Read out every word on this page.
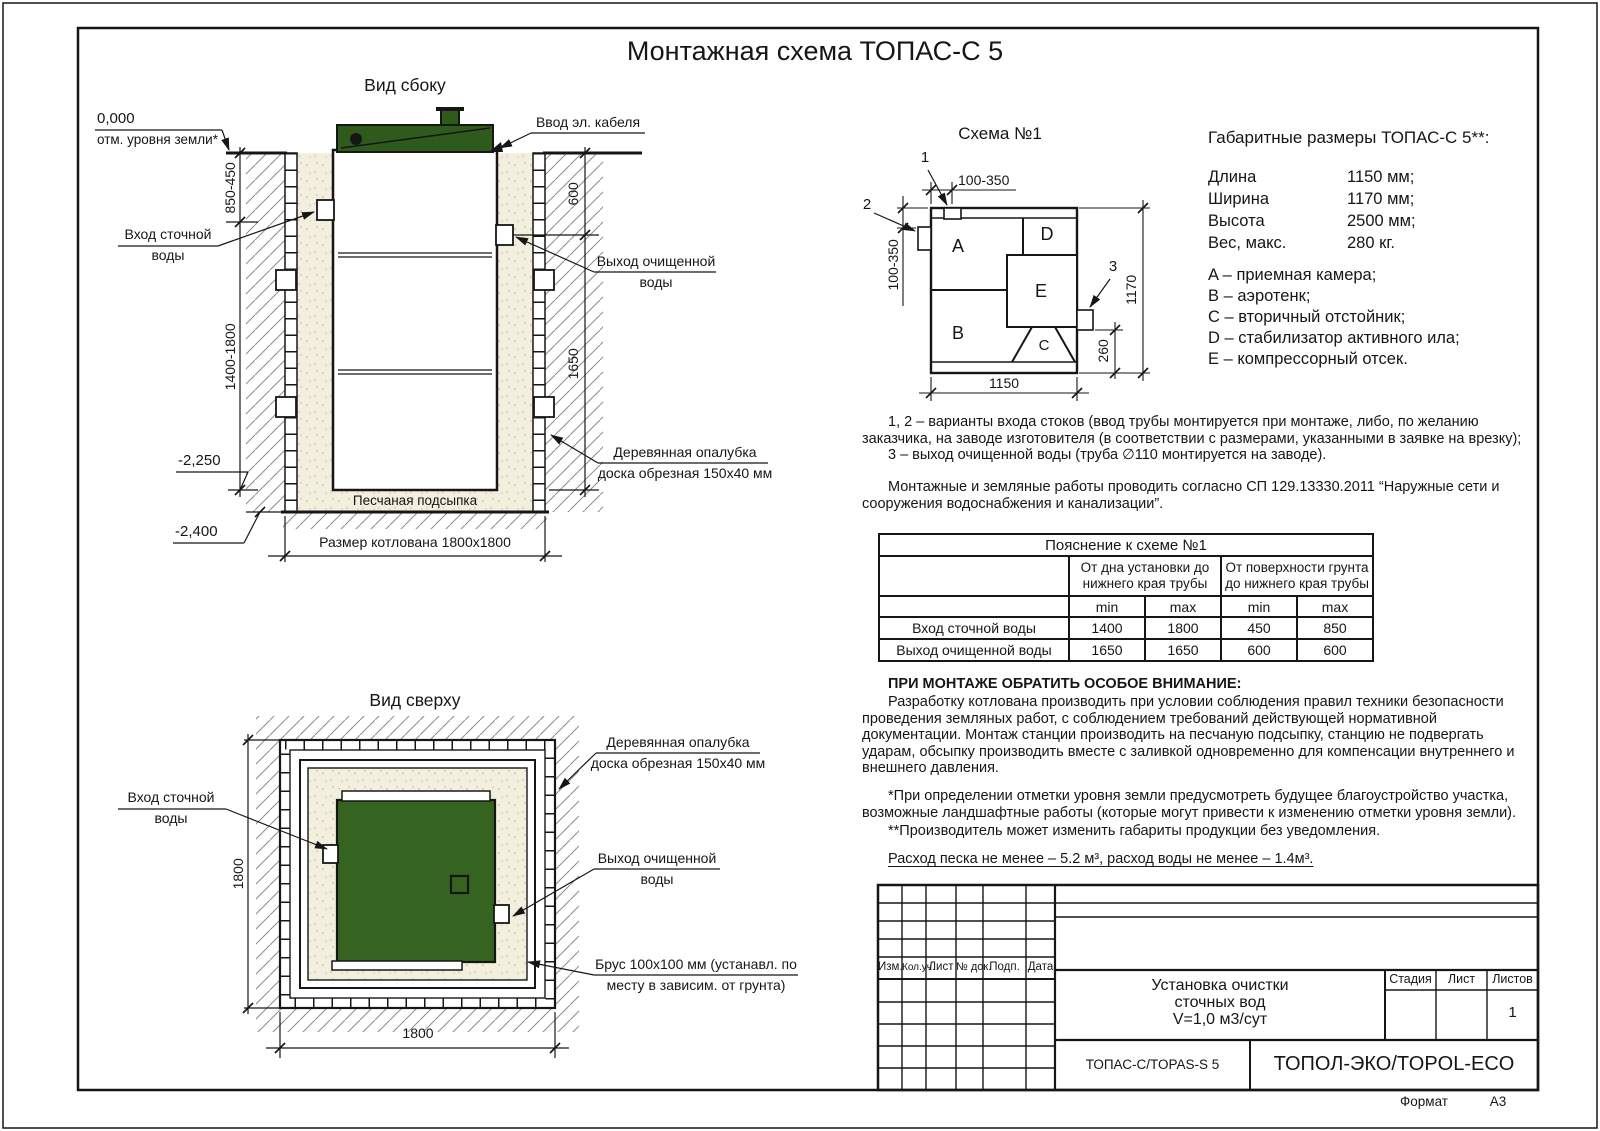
Монтажная схема ТОПАС-С 5
Вид сбоку
0,000
отм. уровня земли*
Ввод эл. кабеля
Вход сточной
воды	Выход очищенной
воды
850-450
1400-1800
600
1650
-2,250
-2,400
Песчаная подсыпка
Размер котлована 1800x1800
Деревянная опалубка
доска обрезная 150x40 мм
Вид сверху
Вход сточной
воды
Выход очищенной
воды
Деревянная опалубка
доска обрезная 150x40 мм
Брус 100x100 мм (устанавл. по
месту в зависим. от грунта)
1800
1800
Схема №1
1
2
3
100-350
100-350	1170
260
1150
A
B
C
D
E
Габаритные размеры ТОПАС-С 5**:
Длина	1150 мм;
Ширина	1170 мм;
Высота	2500 мм;
Вес, макс.	280 кг.
A – приемная камера;
B – аэротенк;
C – вторичный отстойник;
D – стабилизатор активного ила;
E – компрессорный отсек.

1, 2 – варианты входа стоков (ввод трубы монтируется при монтаже, либо, по желанию заказчика, на заводе изготовителя (в соответствии с размерами, указанными в заявке на врезку);

3 – выход очищенной воды (труба ∅110 монтируется на заводе).

Монтажные и земляные работы проводить согласно СП 129.13330.2011 “Наружные сети и сооружения водоснабжения и канализации”.

Пояснение к схеме №1				
	От дна установки до нижнего края трубы		От поверхности грунта до нижнего края трубы	
	min	max	min	max
Вход сточной воды	1400	1800	450	850
Выход очищенной воды	1650	1650	600	600
ПРИ МОНТАЖЕ ОБРАТИТЬ ОСОБОЕ ВНИМАНИЕ:

Разработку котлована производить при условии соблюдения правил техники безопасности проведения земляных работ, с соблюдением требований действующей нормативной документации. Монтаж станции производить на песчаную подсыпку, станцию не подвергать ударам, обсыпку производить вместе с заливкой одновременно для компенсации внутреннего и внешнего давления.

*При определении отметки уровня земли предусмотреть будущее благоустройство участка, возможные ландшафтные работы (которые могут привести к изменению отметки уровня земли).

**Производитель может изменить габариты продукции без уведомления.

Расход песка не менее – 5.2 м³, расход воды не менее – 1.4м³.
Изм. Кол.уч.
Лист № док.
Подп. Дата
Установка очистки
сточных вод
V=1,0 м3/сут
Стадия	Лист	Листов
1
ТОПАС-С/TOPAS-S 5	ТОПОЛ-ЭКО/TOPOL-ECO
Формат	А3
